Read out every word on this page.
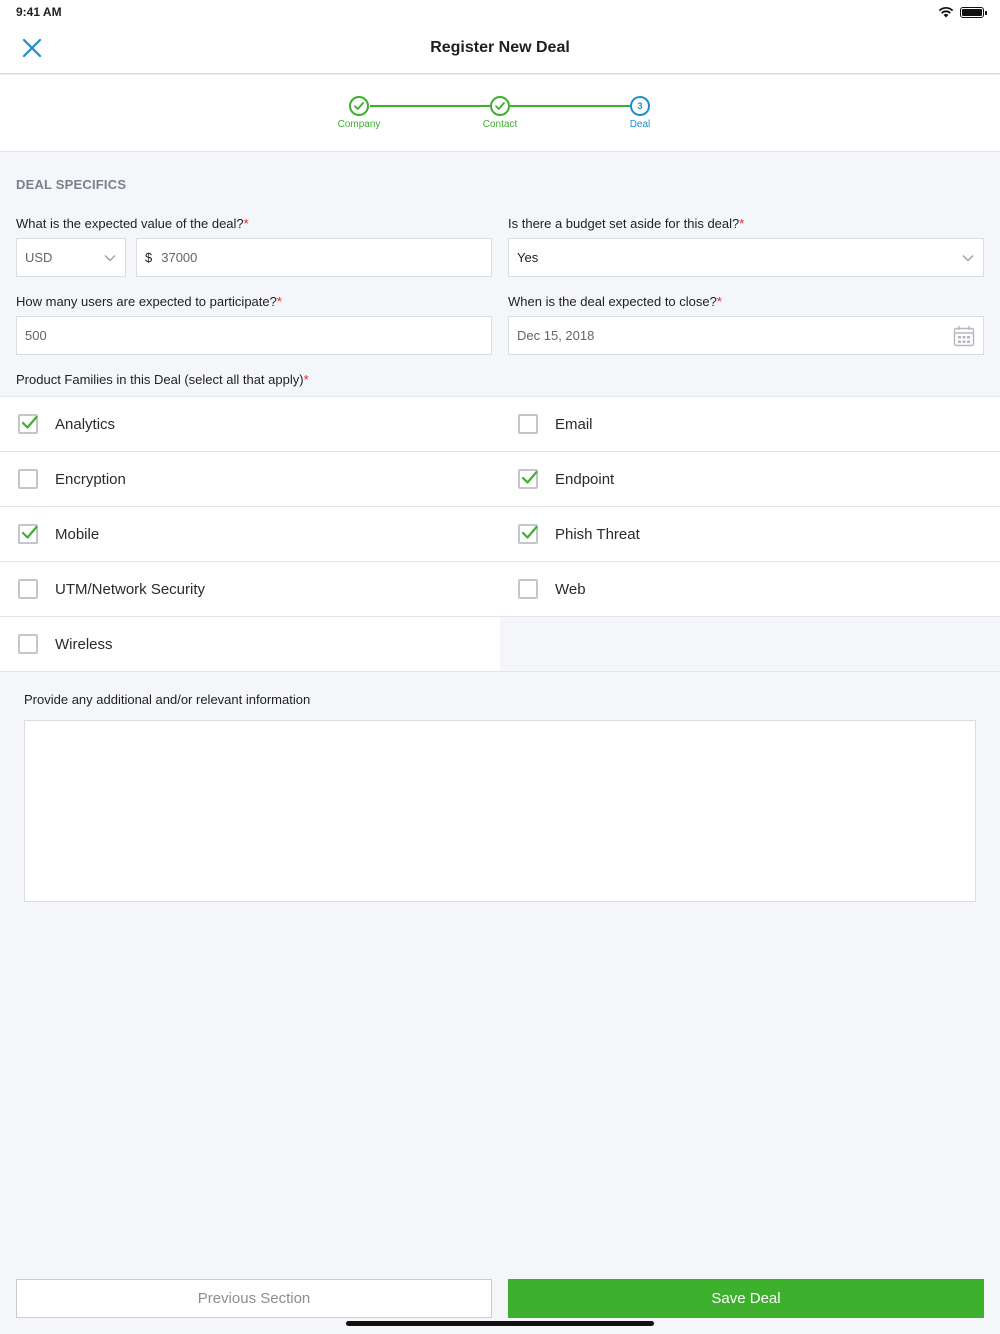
9:41 AM
Register New Deal
Company	Contact
3
Deal
DEAL SPECIFICS
What is the expected value of the deal?*
USD	$ 37000
Is there a budget set aside for this deal?*
Yes
How many users are expected to participate?*
500
When is the deal expected to close?*
Dec 15, 2018
Product Families in this Deal (select all that apply)*
Analytics	Email
Encryption	Endpoint
Mobile	Phish Threat
UTM/Network Security	Web
Wireless
Provide any additional and/or relevant information
Previous Section	Save Deal
